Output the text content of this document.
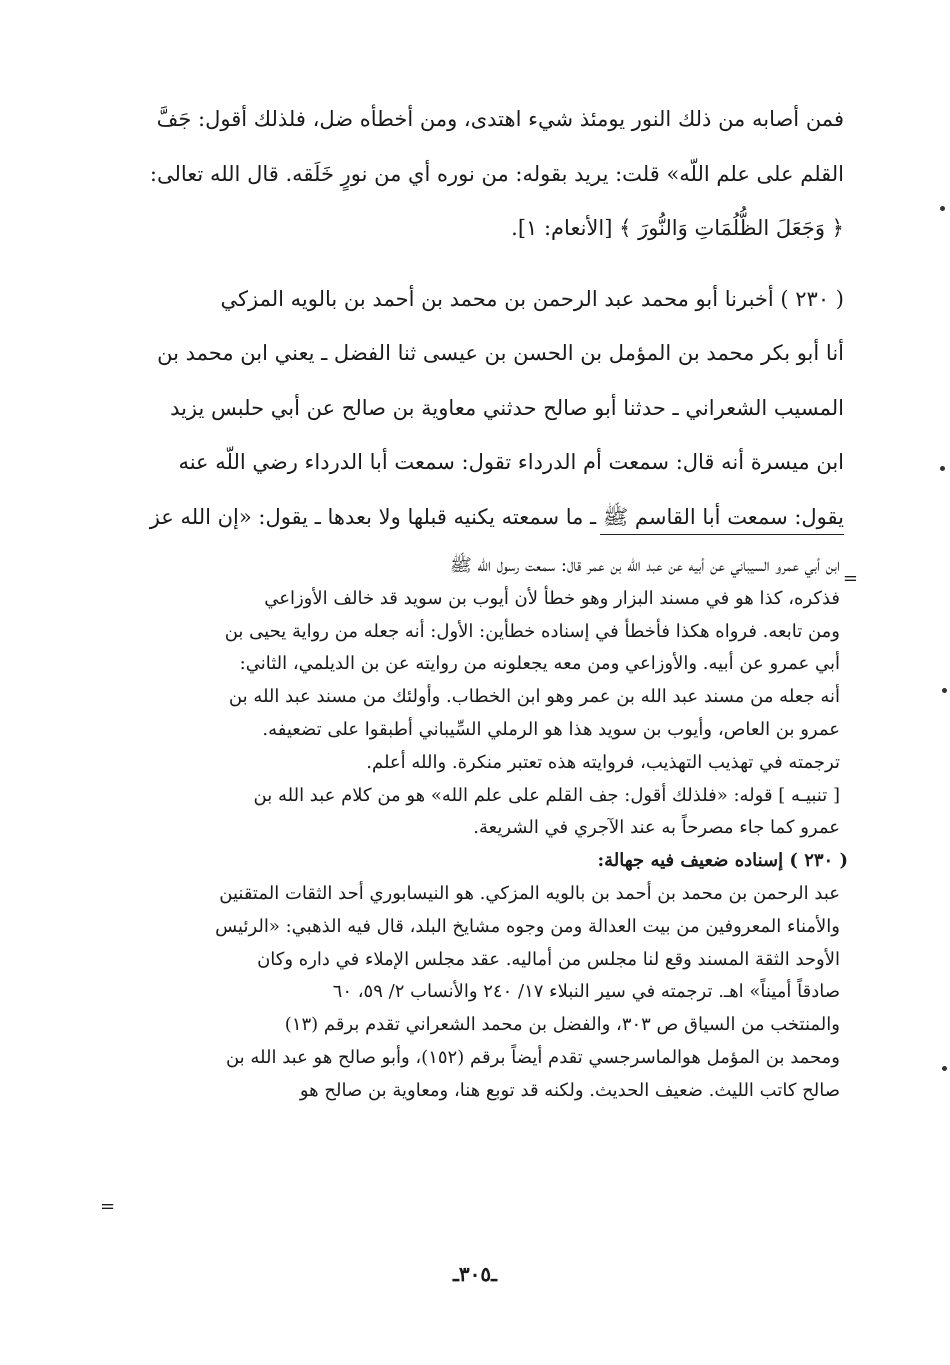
فمن أصابه من ذلك النور يومئذ شيء اهتدى، ومن أخطأه ضل، فلذلك أقول: جَفَّ

القلم على علم اللّه» قلت: يريد بقوله: من نوره أي من نورٍ خَلَقه. قال الله تعالى:

﴿ وَجَعَلَ الظُّلُمَاتِ وَالنُّورَ ﴾ [الأنعام: ١].

( ٢٣٠ ) أخبرنا أبو محمد عبد الرحمن بن محمد بن أحمد بن بالويه المزكي

أنا أبو بكر محمد بن المؤمل بن الحسن بن عيسى ثنا الفضل ـ يعني ابن محمد بن

المسيب الشعراني ـ حدثنا أبو صالح حدثني معاوية بن صالح عن أبي حلبس يزيد

ابن ميسرة أنه قال: سمعت أم الدرداء تقول: سمعت أبا الدرداء رضي اللّه عنه

يقول: سمعت أبا القاسم ﷺ ـ ما سمعته يكنيه قبلها ولا بعدها ـ يقول: «إن الله عز

=

ابن أبي عمرو السيباني عن أبيه عن عبد الله بن عمر قال: سمعت رسول الله ﷺ

فذكره، كذا هو في مسند البزار وهو خطأ لأن أيوب بن سويد قد خالف الأوزاعي

ومن تابعه. فرواه هكذا فأخطأ في إسناده خطأين: الأول: أنه جعله من رواية يحيى بن

أبي عمرو عن أبيه. والأوزاعي ومن معه يجعلونه من روايته عن بن الديلمي، الثاني:

أنه جعله من مسند عبد الله بن عمر وهو ابن الخطاب. وأولئك من مسند عبد الله بن

عمرو بن العاص، وأيوب بن سويد هذا هو الرملي السِّيباني أطبقوا على تضعيفه.

ترجمته في تهذيب التهذيب، فروايته هذه تعتبر منكرة. والله أعلم.

[ تنبيـه ] قوله: «فلذلك أقول: جف القلم على علم الله» هو من كلام عبد الله بن

عمرو كما جاء مصرحاً به عند الآجري في الشريعة.

( ٢٣٠ ) إسناده ضعيف فيه جهالة:

عبد الرحمن بن محمد بن أحمد بن بالويه المزكي. هو النيسابوري أحد الثقات المتقنين

والأمناء المعروفين من بيت العدالة ومن وجوه مشايخ البلد، قال فيه الذهبي: «الرئيس

الأوحد الثقة المسند وقع لنا مجلس من أماليه. عقد مجلس الإملاء في داره وكان

صادقاً أميناً» اهـ. ترجمته في سير النبلاء ١٧/ ٢٤٠ والأنساب ٢/ ٥٩، ٦٠

والمنتخب من السياق ص ٣٠٣، والفضل بن محمد الشعراني تقدم برقم (١٣)

ومحمد بن المؤمل هوالماسرجسي تقدم أيضاً برقم (١٥٢)، وأبو صالح هو عبد الله بن

صالح كاتب الليث. ضعيف الحديث. ولكنه قد توبع هنا، ومعاوية بن صالح هو

=
ـ٣٠٥ـ
